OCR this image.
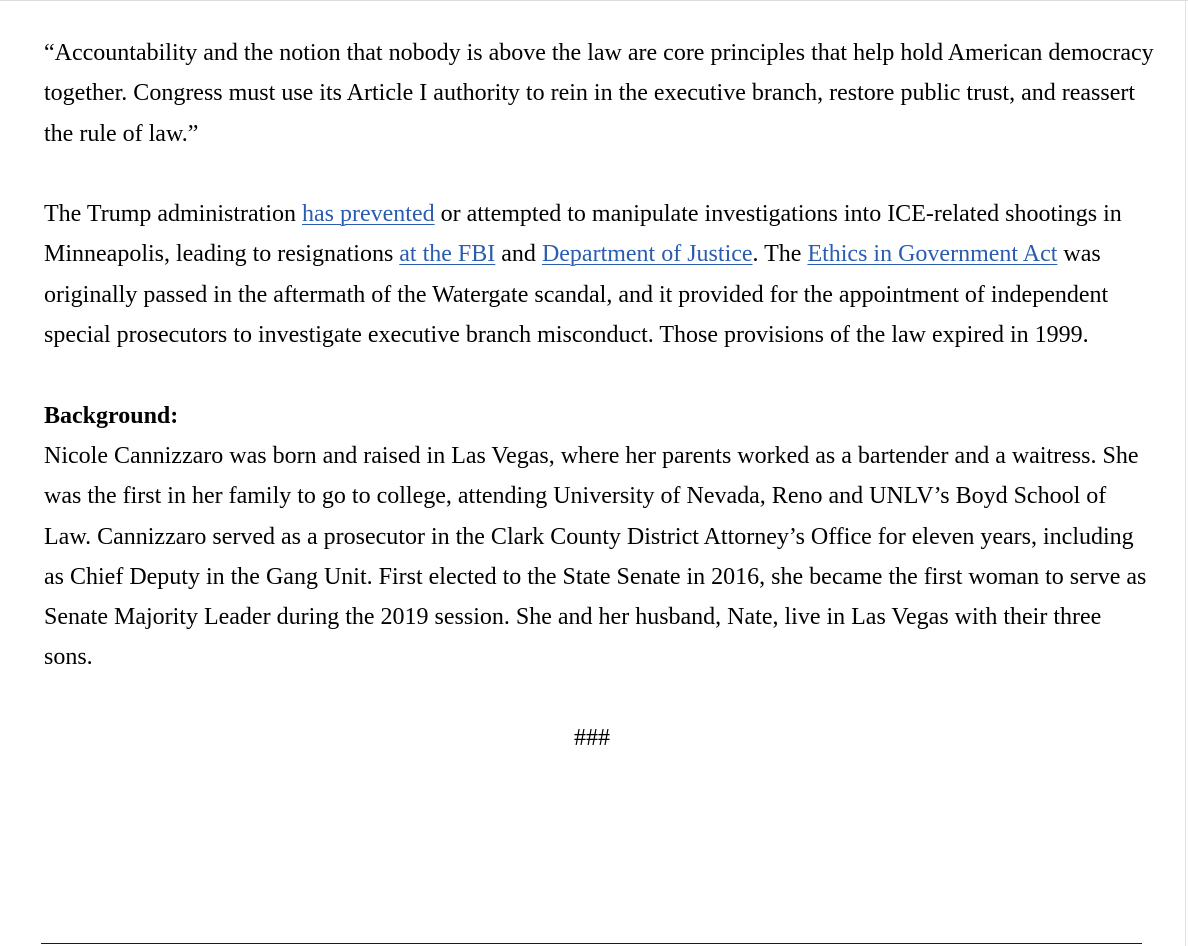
“Accountability and the notion that nobody is above the law are core principles that help hold American democracy together. Congress must use its Article I authority to rein in the executive branch, restore public trust, and reassert the rule of law.”

The Trump administration has prevented or attempted to manipulate investigations into ICE-related shootings in Minneapolis, leading to resignations at the FBI and Department of Justice. The Ethics in Government Act was originally passed in the aftermath of the Watergate scandal, and it provided for the appointment of independent special prosecutors to investigate executive branch misconduct. Those provisions of the law expired in 1999.

Background:

Nicole Cannizzaro was born and raised in Las Vegas, where her parents worked as a bartender and a waitress. She was the first in her family to go to college, attending University of Nevada, Reno and UNLV’s Boyd School of Law. Cannizzaro served as a prosecutor in the Clark County District Attorney’s Office for eleven years, including as Chief Deputy in the Gang Unit. First elected to the State Senate in 2016, she became the first woman to serve as Senate Majority Leader during the 2019 session. She and her husband, Nate, live in Las Vegas with their three sons.

###
